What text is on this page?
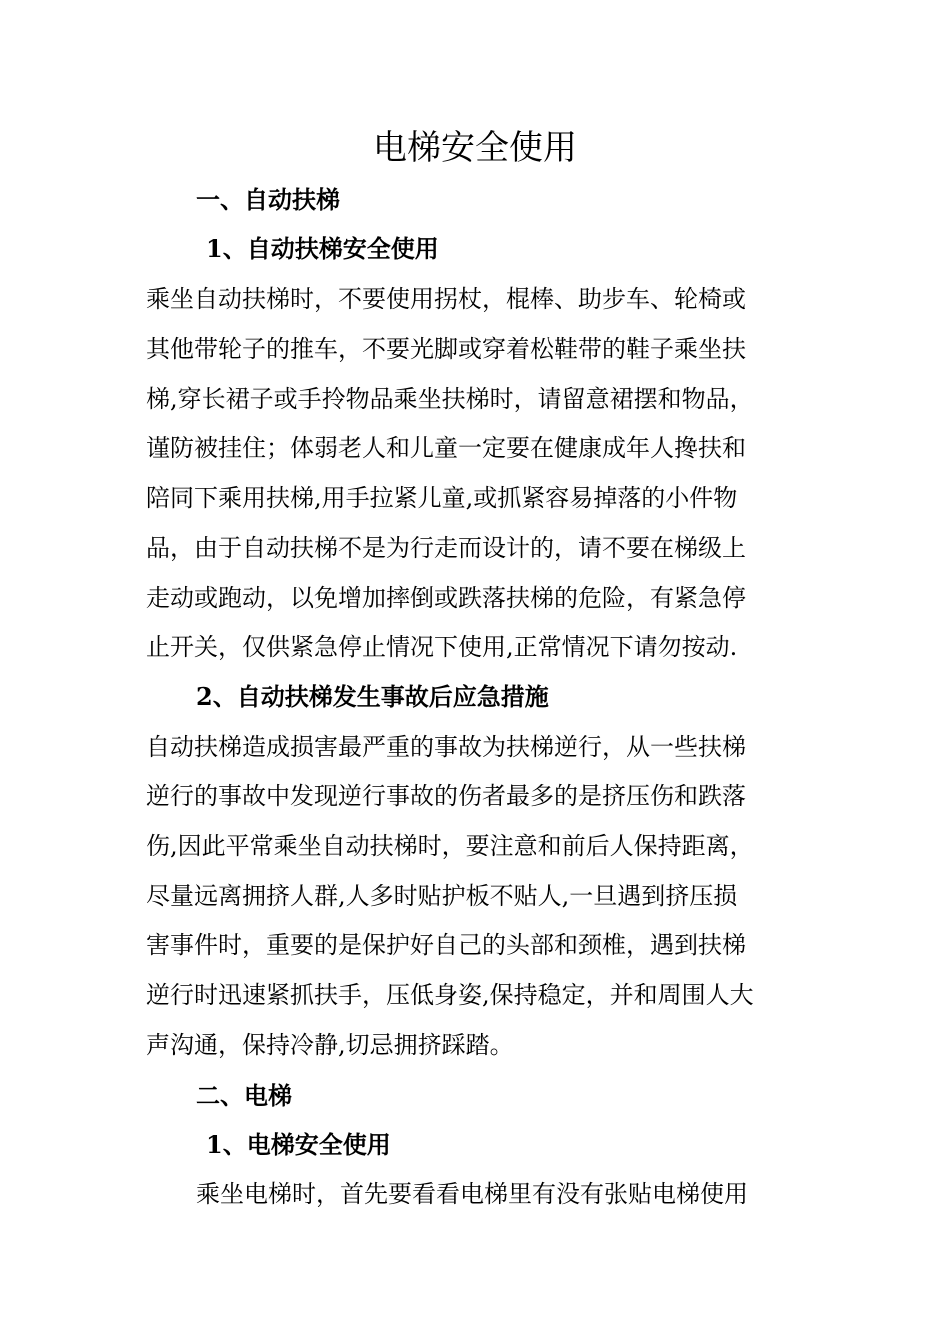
电梯安全使用
一、自动扶梯
1、自动扶梯安全使用
乘坐自动扶梯时，不要使用拐杖，棍棒、助步车、轮椅或
其他带轮子的推车，不要光脚或穿着松鞋带的鞋子乘坐扶
梯,穿长裙子或手拎物品乘坐扶梯时，请留意裙摆和物品，
谨防被挂住；体弱老人和儿童一定要在健康成年人搀扶和
陪同下乘用扶梯,用手拉紧儿童,或抓紧容易掉落的小件物
品，由于自动扶梯不是为行走而设计的，请不要在梯级上
走动或跑动，以免增加摔倒或跌落扶梯的危险，有紧急停
止开关，仅供紧急停止情况下使用,正常情况下请勿按动.
2、自动扶梯发生事故后应急措施
自动扶梯造成损害最严重的事故为扶梯逆行，从一些扶梯
逆行的事故中发现逆行事故的伤者最多的是挤压伤和跌落
伤,因此平常乘坐自动扶梯时，要注意和前后人保持距离，
尽量远离拥挤人群,人多时贴护板不贴人,一旦遇到挤压损
害事件时，重要的是保护好自己的头部和颈椎，遇到扶梯
逆行时迅速紧抓扶手，压低身姿,保持稳定，并和周围人大
声沟通，保持冷静,切忌拥挤踩踏。
二、电梯
1、电梯安全使用
乘坐电梯时，首先要看看电梯里有没有张贴电梯使用
